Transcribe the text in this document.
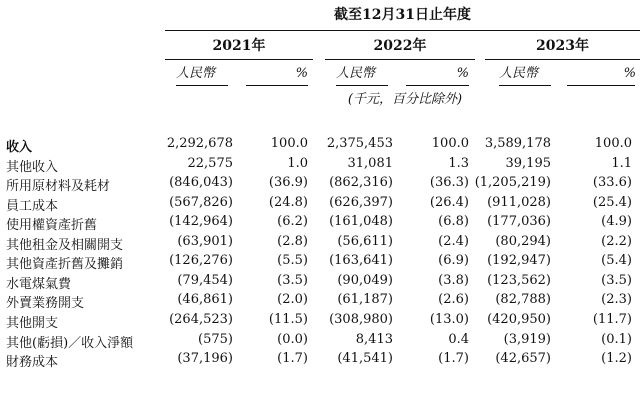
截至12月31日止年度
2021年	2022年	2023年
人民幣	% 人民幣	% 人民幣	%
(千元，百分比除外)
收入	2,292,678	100.0 2,375,453	100.0 3,589,178	100.0
其他收入	22,575	1.0	31,081	1.3	39,195	1.1
所用原材料及耗材	(846,043)	(36.9) (862,316)	(36.3) (1,205,219)	(33.6)
員工成本	(567,826)	(24.8) (626,397)	(26.4) (911,028)	(25.4)
使用權資產折舊	(142,964)	(6.2) (161,048)	(6.8) (177,036)	(4.9)
其他租金及相關開支	(63,901)	(2.8) (56,611)	(2.4) (80,294)	(2.2)
其他資產折舊及攤銷	(126,276)	(5.5) (163,641)	(6.9) (192,947)	(5.4)
水電煤氣費	(79,454)	(3.5) (90,049)	(3.8) (123,562)	(3.5)
外賣業務開支	(46,861)	(2.0) (61,187)	(2.6) (82,788)	(2.3)
其他開支	(264,523)	(11.5) (308,980)	(13.0) (420,950)	(11.7)
其他(虧損)／收入淨額	(575)	(0.0)	8,413	0.4	(3,919)	(0.1)
財務成本	(37,196)	(1.7) (41,541)	(1.7) (42,657)	(1.2)
